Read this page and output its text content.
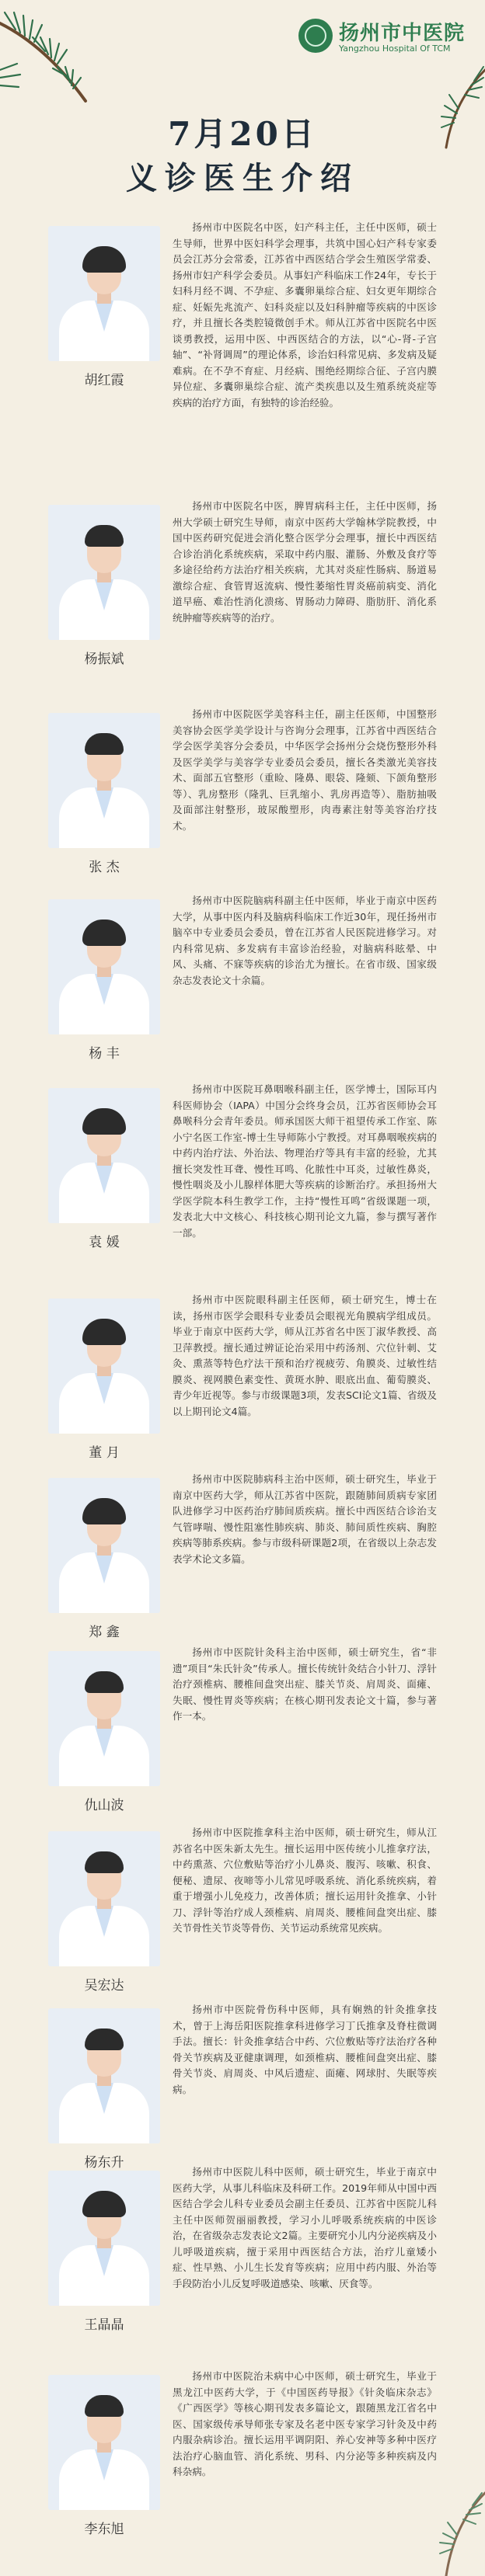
扬州市中医院
Yangzhou Hospital Of TCM
7月20日
义诊医生介绍
胡红霞

扬州市中医院名中医，妇产科主任，主任中医师，硕士生导师，世界中医妇科学会理事，共筑中国心妇产科专家委员会江苏分会常委，江苏省中西医结合学会生殖医学常委、扬州市妇产科学会委员。从事妇产科临床工作24年，专长于妇科月经不调、不孕症、多囊卵巢综合症、妇女更年期综合症、妊娠先兆流产、妇科炎症以及妇科肿瘤等疾病的中医诊疗，并且擅长各类腔镜微创手术。师从江苏省中医院名中医谈勇教授，运用中医、中西医结合的方法，以“心-肾-子宫轴”、“补肾调周”的理论体系，诊治妇科常见病、多发病及疑难病。在不孕不育症、月经病、围绝经期综合征、子宫内膜异位症、多囊卵巢综合症、流产类疾患以及生殖系统炎症等疾病的治疗方面，有独特的诊治经验。

杨振斌

扬州市中医院名中医，脾胃病科主任，主任中医师，扬州大学硕士研究生导师，南京中医药大学翰林学院教授，中国中医药研究促进会消化整合医学分会理事，擅长中西医结合诊治消化系统疾病，采取中药内服、灌肠、外敷及食疗等多途径给药方法治疗相关疾病，尤其对炎症性肠病、肠道易激综合症、食管胃返流病、慢性萎缩性胃炎癌前病变、消化道早癌、难治性消化溃疡、胃肠动力障碍、脂肪肝、消化系统肿瘤等疾病等的治疗。

张 杰

扬州市中医院医学美容科主任，副主任医师，中国整形美容协会医学美学设计与咨询分会理事，江苏省中西医结合学会医学美容分会委员，中华医学会扬州分会烧伤整形外科及医学美学与美容学专业委员会委员，擅长各类激光美容技术、面部五官整形（重睑、隆鼻、眼袋、隆颏、下颌角整形等）、乳房整形（隆乳、巨乳缩小、乳房再造等）、脂肪抽吸及面部注射整形，玻尿酸塑形，肉毒素注射等美容治疗技术。

杨 丰

扬州市中医院脑病科副主任中医师，毕业于南京中医药大学，从事中医内科及脑病科临床工作近30年，现任扬州市脑卒中专业委员会委员，曾在江苏省人民医院进修学习。对内科常见病、多发病有丰富诊治经验，对脑病科眩晕、中风、头痛、不寐等疾病的诊治尤为擅长。在省市级、国家级杂志发表论文十余篇。

袁 媛

扬州市中医院耳鼻咽喉科副主任，医学博士，国际耳内科医师协会（IAPA）中国分会终身会员，江苏省医师协会耳鼻喉科分会青年委员。师承国医大师干祖望传承工作室、陈小宁名医工作室-博士生导师陈小宁教授。对耳鼻咽喉疾病的中药内治疗法、外治法、物理治疗等具有丰富的经验，尤其擅长突发性耳聋、慢性耳鸣、化脓性中耳炎，过敏性鼻炎，慢性咽炎及小儿腺样体肥大等疾病的诊断治疗。承担扬州大学医学院本科生教学工作，主持“慢性耳鸣”省级课题一项，发表北大中文核心、科技核心期刊论文九篇，参与撰写著作一部。

董 月

扬州市中医院眼科副主任医师，硕士研究生，博士在读，扬州市医学会眼科专业委员会眼视光角膜病学组成员。毕业于南京中医药大学，师从江苏省名中医丁淑华教授、高卫萍教授。擅长通过辨证论治采用中药汤剂、穴位针刺、艾灸、熏蒸等特色疗法干预和治疗视疲劳、角膜炎、过敏性结膜炎、视网膜色素变性、黄斑水肿、眼底出血、葡萄膜炎、青少年近视等。参与市级课题3项，发表SCI论文1篇、省级及以上期刊论文4篇。

郑 鑫

扬州市中医院肺病科主治中医师，硕士研究生，毕业于南京中医药大学，师从江苏省中医院，跟随肺间质病专家团队进修学习中医药治疗肺间质疾病。擅长中西医结合诊治支气管哮喘、慢性阻塞性肺疾病、肺炎、肺间质性疾病、胸腔疾病等肺系疾病。参与市级科研课题2项，在省级以上杂志发表学术论文多篇。

仇山波

扬州市中医院针灸科主治中医师，硕士研究生，省“非遗”项目“朱氏针灸”传承人。擅长传统针灸结合小针刀、浮针治疗颈椎病、腰椎间盘突出症、膝关节炎、肩周炎、面瘫、失眠、慢性胃炎等疾病；在核心期刊发表论文十篇，参与著作一本。

吴宏达

扬州市中医院推拿科主治中医师，硕士研究生，师从江苏省名中医朱新太先生。擅长运用中医传统小儿推拿疗法，中药熏蒸、穴位敷贴等治疗小儿鼻炎、腹泻、咳嗽、积食、便秘、遗尿、夜啼等小儿常见呼吸系统、消化系统疾病，着重于增强小儿免疫力，改善体质；擅长运用针灸推拿、小针刀、浮针等治疗成人颈椎病、肩周炎、腰椎间盘突出症、膝关节骨性关节炎等骨伤、关节运动系统常见疾病。

杨东升

扬州市中医院骨伤科中医师，具有娴熟的针灸推拿技术，曾于上海岳阳医院推拿科进修学习丁氏推拿及脊柱微调手法。擅长：针灸推拿结合中药、穴位敷贴等疗法治疗各种骨关节疾病及亚健康调理，如颈椎病、腰椎间盘突出症、膝骨关节炎、肩周炎、中风后遗症、面瘫、网球肘、失眠等疾病。

王晶晶

扬州市中医院儿科中医师，硕士研究生，毕业于南京中医药大学，从事儿科临床及科研工作。2019年师从中国中西医结合学会儿科专业委员会副主任委员、江苏省中医院儿科主任中医师贺丽丽教授，学习小儿呼吸系统疾病的中医诊治，在省级杂志发表论文2篇。主要研究小儿内分泌疾病及小儿呼吸道疾病，擅于采用中西医结合方法，治疗儿童矮小症、性早熟、小儿生长发育等疾病；应用中药内服、外治等手段防治小儿反复呼吸道感染、咳嗽、厌食等。

李东旭

扬州市中医院治未病中心中医师，硕士研究生，毕业于黑龙江中医药大学，于《中国医药导报》《针灸临床杂志》《广西医学》等核心期刊发表多篇论文，跟随黑龙江省名中医、国家级传承导师张专家及名老中医专家学习针灸及中药内服杂病诊治。擅长运用平调阴阳、养心安神等多种中医疗法治疗心脑血管、消化系统、男科、内分泌等多种疾病及内科杂病。
